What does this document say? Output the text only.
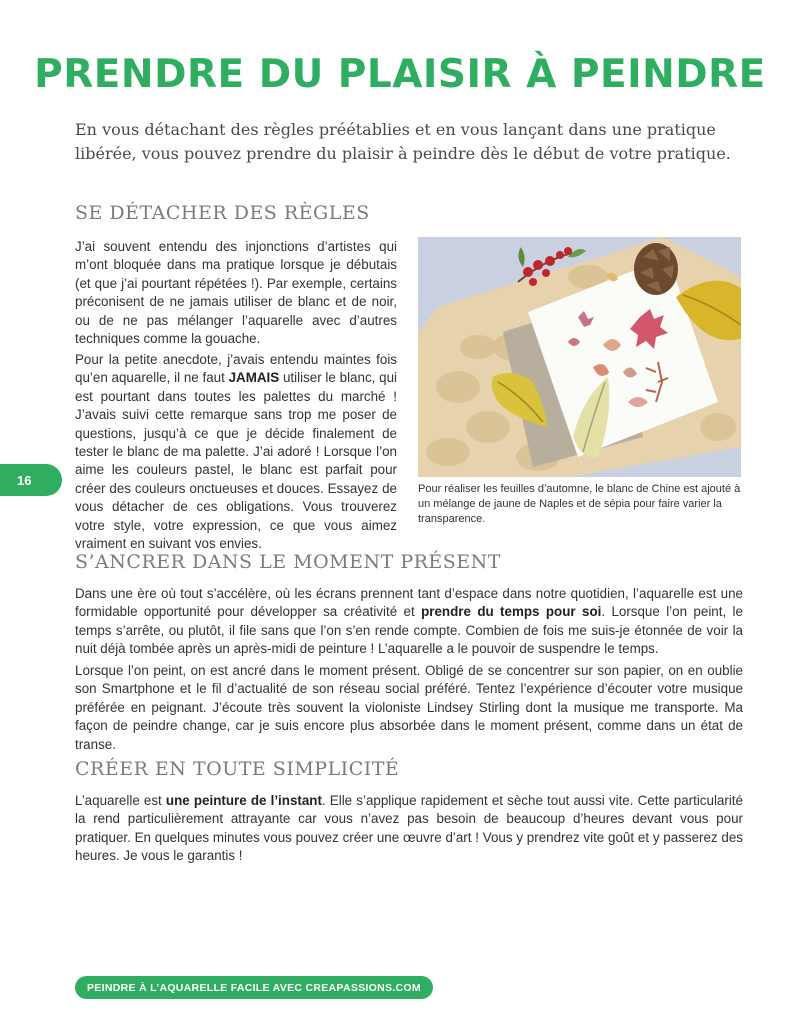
PRENDRE DU PLAISIR À PEINDRE

En vous détachant des règles préétablies et en vous lançant dans une pratique libérée, vous pouvez prendre du plaisir à peindre dès le début de votre pratique.

SE DÉTACHER DES RÈGLES

J’ai souvent entendu des injonctions d’artistes qui m’ont bloquée dans ma pratique lorsque je débutais (et que j’ai pourtant répétées !). Par exemple, certains préconisent de ne jamais utiliser de blanc et de noir, ou de ne pas mélanger l’aquarelle avec d’autres techniques comme la gouache.

Pour la petite anecdote, j’avais entendu maintes fois qu’en aquarelle, il ne faut JAMAIS utiliser le blanc, qui est pourtant dans toutes les palettes du marché ! J’avais suivi cette remarque sans trop me poser de questions, jusqu’à ce que je décide finalement de tester le blanc de ma palette. J’ai adoré ! Lorsque l’on aime les couleurs pastel, le blanc est parfait pour créer des couleurs onctueuses et douces. Essayez de vous détacher de ces obligations. Vous trouverez votre style, votre expression, ce que vous aimez vraiment en suivant vos envies.

Pour réaliser les feuilles d’automne, le blanc de Chine est ajouté à un mélange de jaune de Naples et de sépia pour faire varier la transparence.

16
S’ANCRER DANS LE MOMENT PRÉSENT

Dans une ère où tout s’accélère, où les écrans prennent tant d’espace dans notre quotidien, l’aquarelle est une formidable opportunité pour développer sa créativité et prendre du temps pour soi. Lorsque l’on peint, le temps s’arrête, ou plutôt, il file sans que l’on s’en rende compte. Combien de fois me suis-je étonnée de voir la nuit déjà tombée après un après-midi de peinture ! L’aquarelle a le pouvoir de suspendre le temps.

Lorsque l’on peint, on est ancré dans le moment présent. Obligé de se concentrer sur son papier, on en oublie son Smartphone et le fil d’actualité de son réseau social préféré. Tentez l’expérience d’écouter votre musique préférée en peignant. J’écoute très souvent la violoniste Lindsey Stirling dont la musique me transporte. Ma façon de peindre change, car je suis encore plus absorbée dans le moment présent, comme dans un état de transe.

CRÉER EN TOUTE SIMPLICITÉ

L’aquarelle est une peinture de l’instant. Elle s’applique rapidement et sèche tout aussi vite. Cette particularité la rend particulièrement attrayante car vous n’avez pas besoin de beaucoup d’heures devant vous pour pratiquer. En quelques minutes vous pouvez créer une œuvre d’art ! Vous y prendrez vite goût et y passerez des heures. Je vous le garantis !

PEINDRE À L’AQUARELLE FACILE AVEC CREAPASSIONS.COM
